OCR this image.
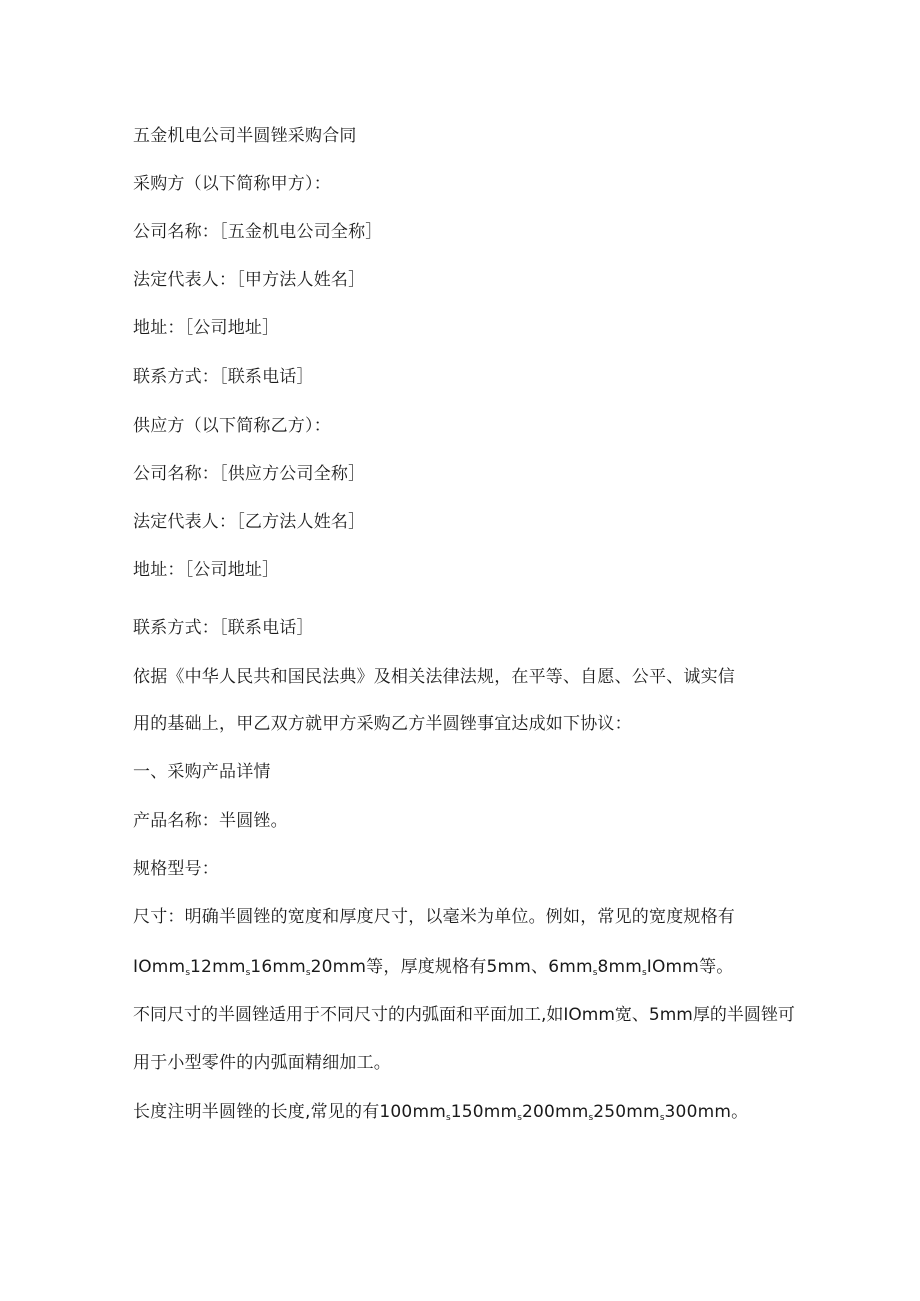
五金机电公司半圆锉采购合同
采购方（以下简称甲方）：
公司名称：［五金机电公司全称］
法定代表人：［甲方法人姓名］
地址：［公司地址］
联系方式：［联系电话］
供应方（以下简称乙方）：
公司名称：［供应方公司全称］
法定代表人：［乙方法人姓名］
地址：［公司地址］
联系方式：［联系电话］
依据《中华人民共和国民法典》及相关法律法规，在平等、自愿、公平、诚实信
用的基础上，甲乙双方就甲方采购乙方半圆锉事宜达成如下协议：
一、采购产品详情
产品名称：半圆锉。
规格型号：
尺寸：明确半圆锉的宽度和厚度尺寸，以毫米为单位。例如，常见的宽度规格有
$IOmm_s12mm_s16mm_s20mm$等，厚度规格有5mm、$6mm_s8mm_sIOmm$等。
不同尺寸的半圆锉适用于不同尺寸的内弧面和平面加工,如IOmm宽、5mm厚的半圆锉可
用于小型零件的内弧面精细加工。
长度注明半圆锉的长度,常见的有$100mm_s150mm_s200mm_s250mm_s300mm$。
